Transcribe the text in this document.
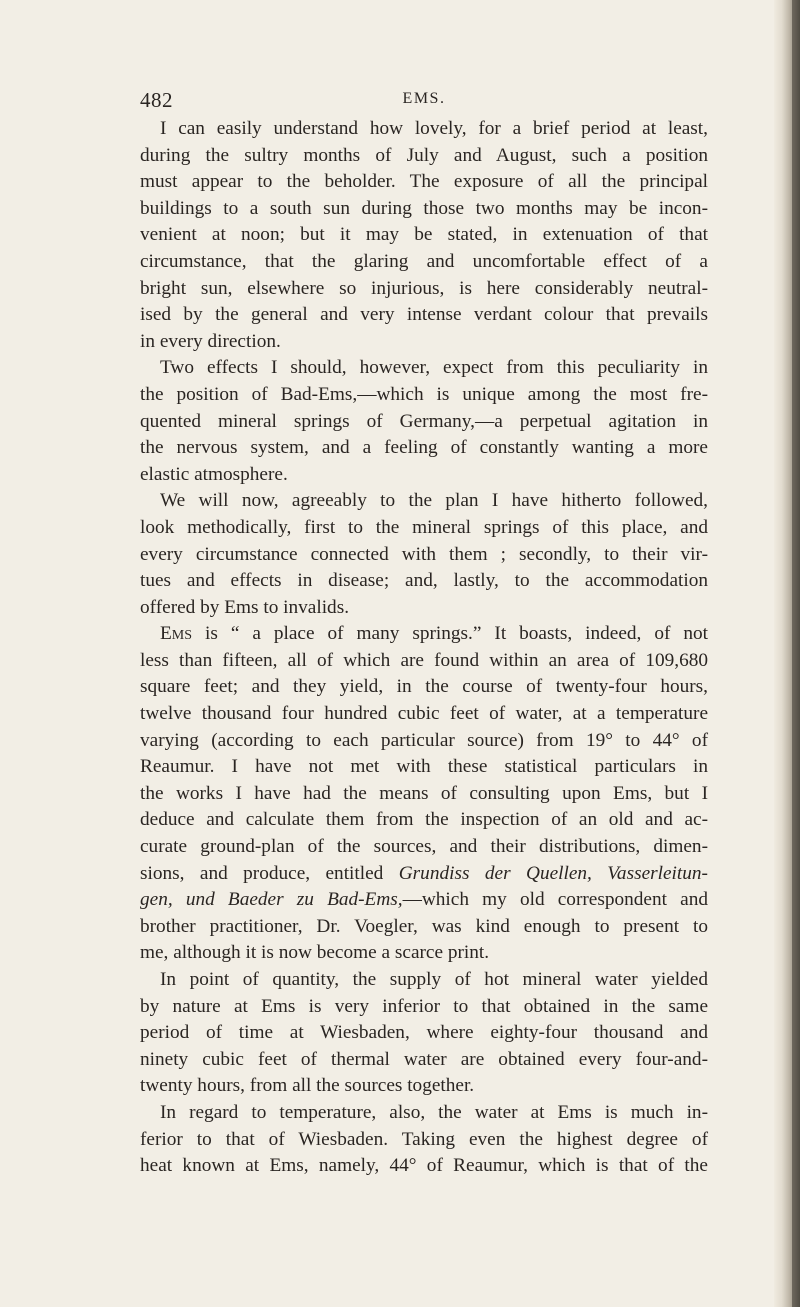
482	EMS.
I can easily understand how lovely, for a brief period at least,
during the sultry months of July and August, such a position
must appear to the beholder. The exposure of all the principal
buildings to a south sun during those two months may be incon-
venient at noon; but it may be stated, in extenuation of that
circumstance, that the glaring and uncomfortable effect of a
bright sun, elsewhere so injurious, is here considerably neutral-
ised by the general and very intense verdant colour that prevails
in every direction.
Two effects I should, however, expect from this peculiarity in
the position of Bad-Ems,—which is unique among the most fre-
quented mineral springs of Germany,—a perpetual agitation in
the nervous system, and a feeling of constantly wanting a more
elastic atmosphere.
We will now, agreeably to the plan I have hitherto followed,
look methodically, first to the mineral springs of this place, and
every circumstance connected with them ; secondly, to their vir-
tues and effects in disease; and, lastly, to the accommodation
offered by Ems to invalids.
Ems is “ a place of many springs.” It boasts, indeed, of not
less than fifteen, all of which are found within an area of 109,680
square feet; and they yield, in the course of twenty-four hours,
twelve thousand four hundred cubic feet of water, at a temperature
varying (according to each particular source) from 19° to 44° of
Reaumur. I have not met with these statistical particulars in
the works I have had the means of consulting upon Ems, but I
deduce and calculate them from the inspection of an old and ac-
curate ground-plan of the sources, and their distributions, dimen-
sions, and produce, entitled Grundiss der Quellen, Vasserleitun-
gen, und Baeder zu Bad-Ems,—which my old correspondent and
brother practitioner, Dr. Voegler, was kind enough to present to
me, although it is now become a scarce print.
In point of quantity, the supply of hot mineral water yielded
by nature at Ems is very inferior to that obtained in the same
period of time at Wiesbaden, where eighty-four thousand and
ninety cubic feet of thermal water are obtained every four-and-
twenty hours, from all the sources together.
In regard to temperature, also, the water at Ems is much in-
ferior to that of Wiesbaden. Taking even the highest degree of
heat known at Ems, namely, 44° of Reaumur, which is that of the
